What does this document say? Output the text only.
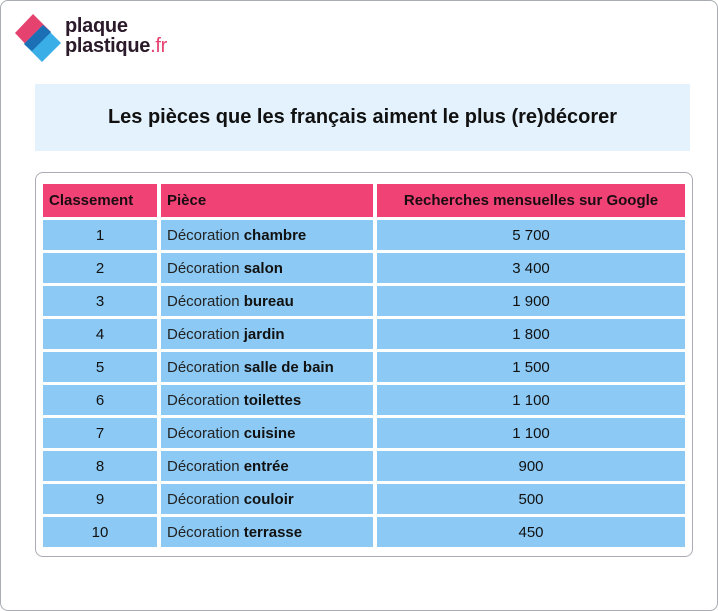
plaque
plastique.fr
Les pièces que les français aiment le plus (re)décorer
Classement	Pièce	Recherches mensuelles sur Google
1	Décoration chambre	5 700
2	Décoration salon	3 400
3	Décoration bureau	1 900
4	Décoration jardin	1 800
5	Décoration salle de bain	1 500
6	Décoration toilettes	1 100
7	Décoration cuisine	1 100
8	Décoration entrée	900
9	Décoration couloir	500
10	Décoration terrasse	450
